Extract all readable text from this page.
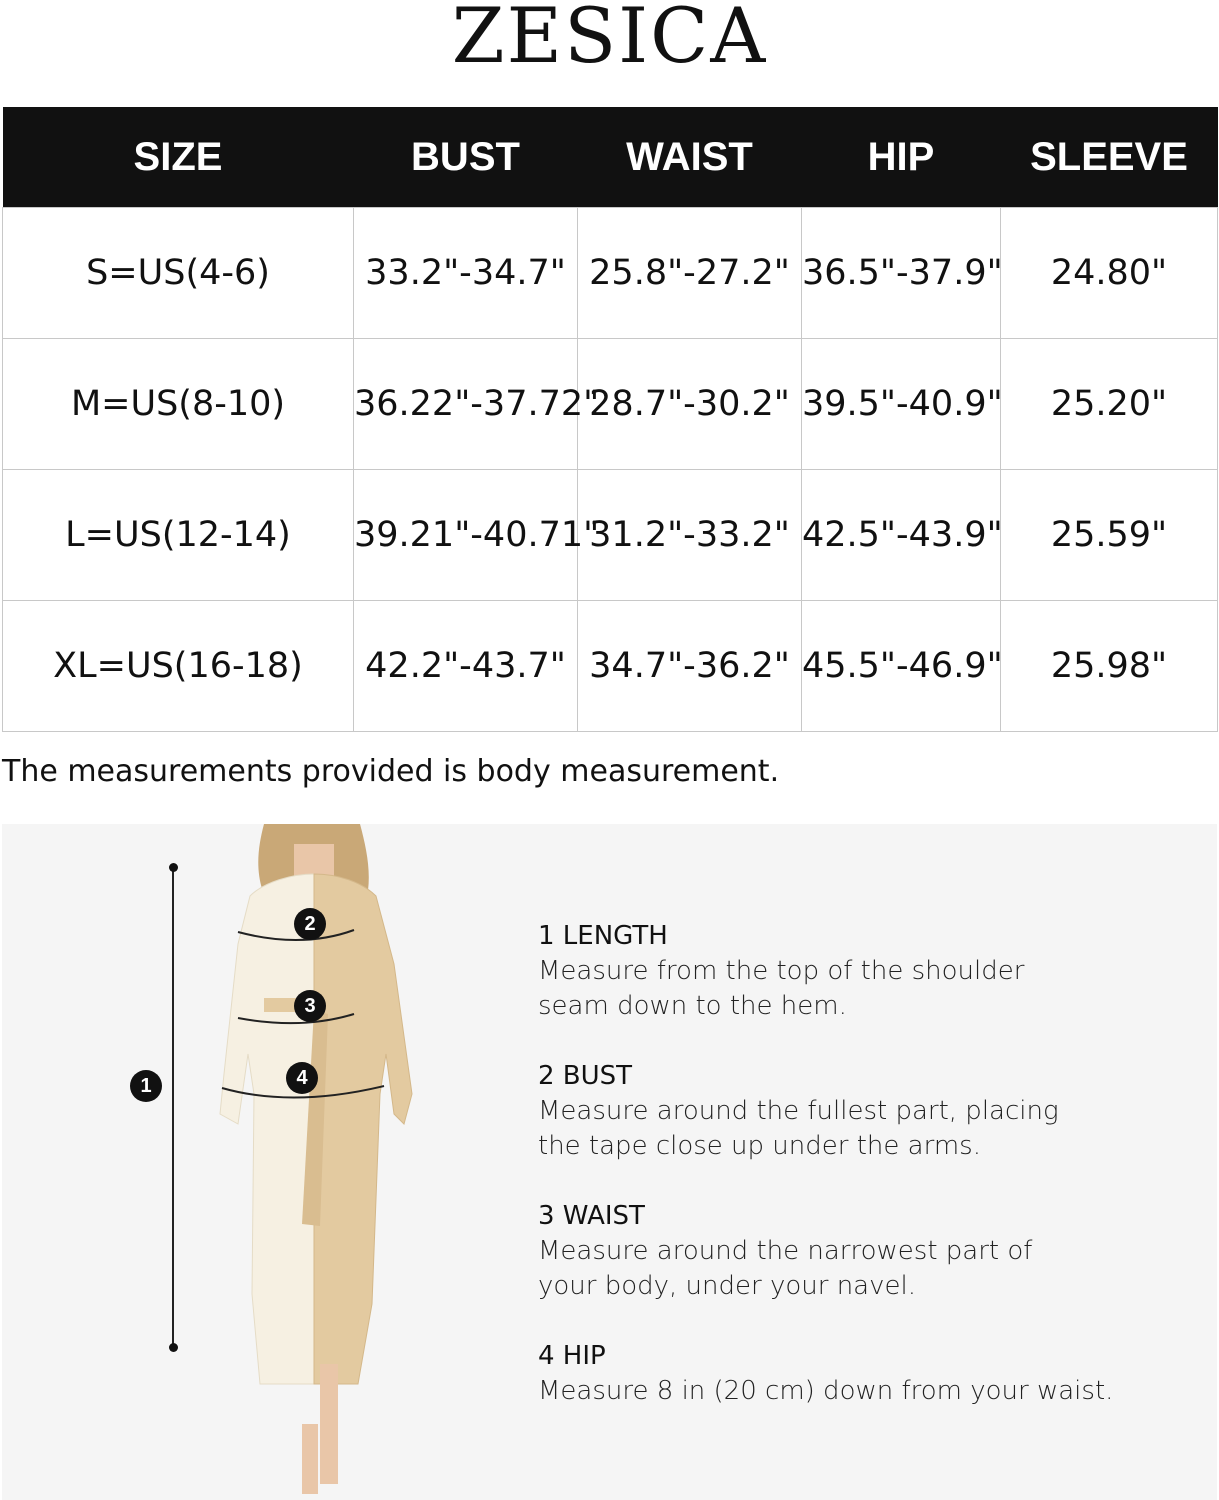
ZESICA
SIZE	BUST	WAIST	HIP	SLEEVE
S=US(4-6)	33.2"-34.7"	25.8"-27.2"	36.5"-37.9"	24.80"
M=US(8-10)	36.22"-37.72"	28.7"-30.2"	39.5"-40.9"	25.20"
L=US(12-14)	39.21"-40.71"	31.2"-33.2"	42.5"-43.9"	25.59"
XL=US(16-18)	42.2"-43.7"	34.7"-36.2"	45.5"-46.9"	25.98"
The measurements provided is body measurement.
1
2
3
4
1 LENGTH
Measure from the top of the shoulder
seam down to the hem.
2 BUST
Measure around the fullest part, placing
the tape close up under the arms.
3 WAIST
Measure around the narrowest part of
your body, under your navel.
4 HIP
Measure 8 in (20 cm) down from your waist.
